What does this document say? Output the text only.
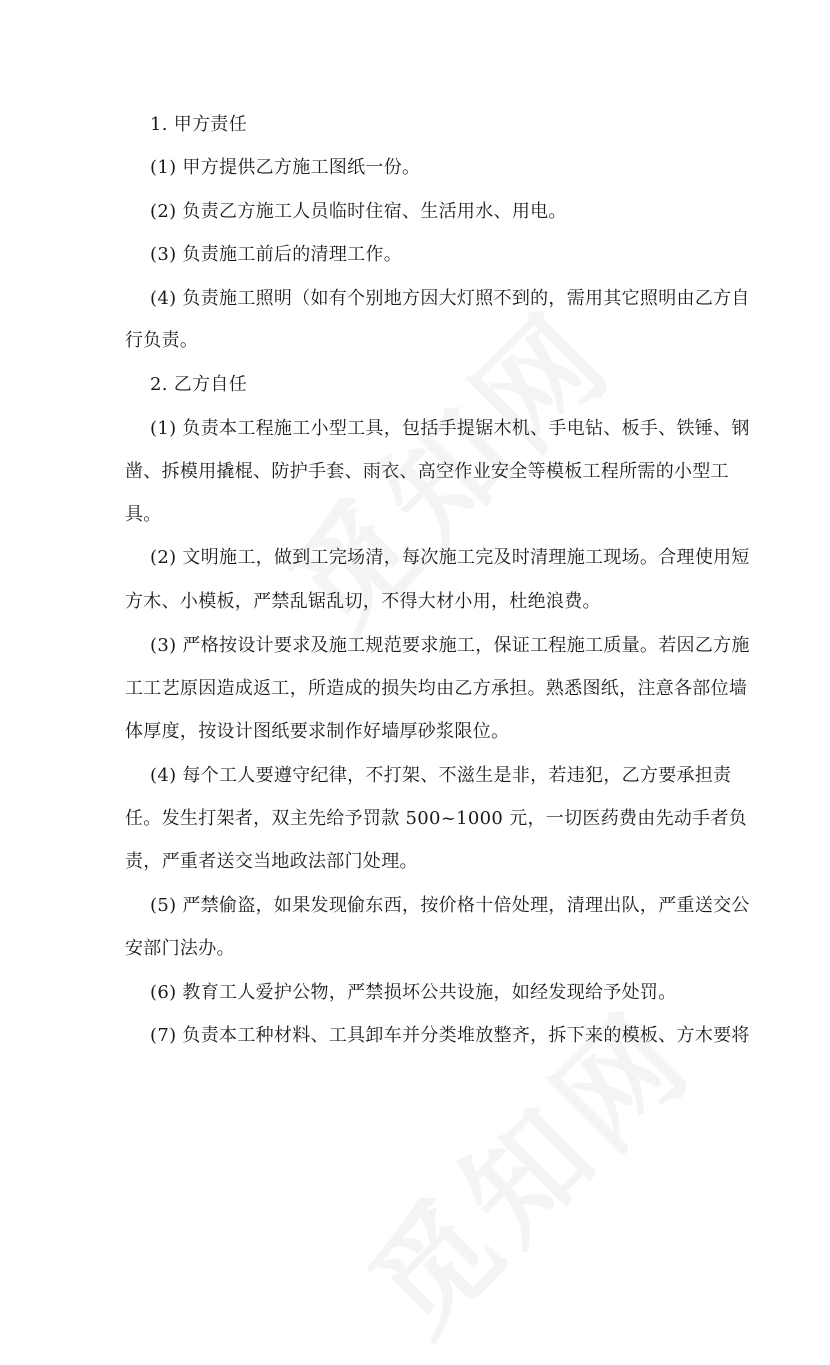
1. 甲方责任
(1) 甲方提供乙方施工图纸一份。
(2) 负责乙方施工人员临时住宿、生活用水、用电。
(3) 负责施工前后的清理工作。
(4) 负责施工照明（如有个别地方因大灯照不到的，需用其它照明由乙方自
行负责。
2. 乙方自任
(1) 负责本工程施工小型工具，包括手提锯木机、手电钻、板手、铁锤、钢
凿、拆模用撬棍、防护手套、雨衣、高空作业安全等模板工程所需的小型工
具。
(2) 文明施工，做到工完场清，每次施工完及时清理施工现场。合理使用短
方木、小模板，严禁乱锯乱切，不得大材小用，杜绝浪费。
(3) 严格按设计要求及施工规范要求施工，保证工程施工质量。若因乙方施
工工艺原因造成返工，所造成的损失均由乙方承担。熟悉图纸，注意各部位墙
体厚度，按设计图纸要求制作好墙厚砂浆限位。
(4) 每个工人要遵守纪律，不打架、不滋生是非，若违犯，乙方要承担责
任。发生打架者，双主先给予罚款 500~1000 元，一切医药费由先动手者负
责，严重者送交当地政法部门处理。
(5) 严禁偷盗，如果发现偷东西，按价格十倍处理，清理出队，严重送交公
安部门法办。
(6) 教育工人爱护公物，严禁损坏公共设施，如经发现给予处罚。
(7) 负责本工种材料、工具卸车并分类堆放整齐，拆下来的模板、方木要将
